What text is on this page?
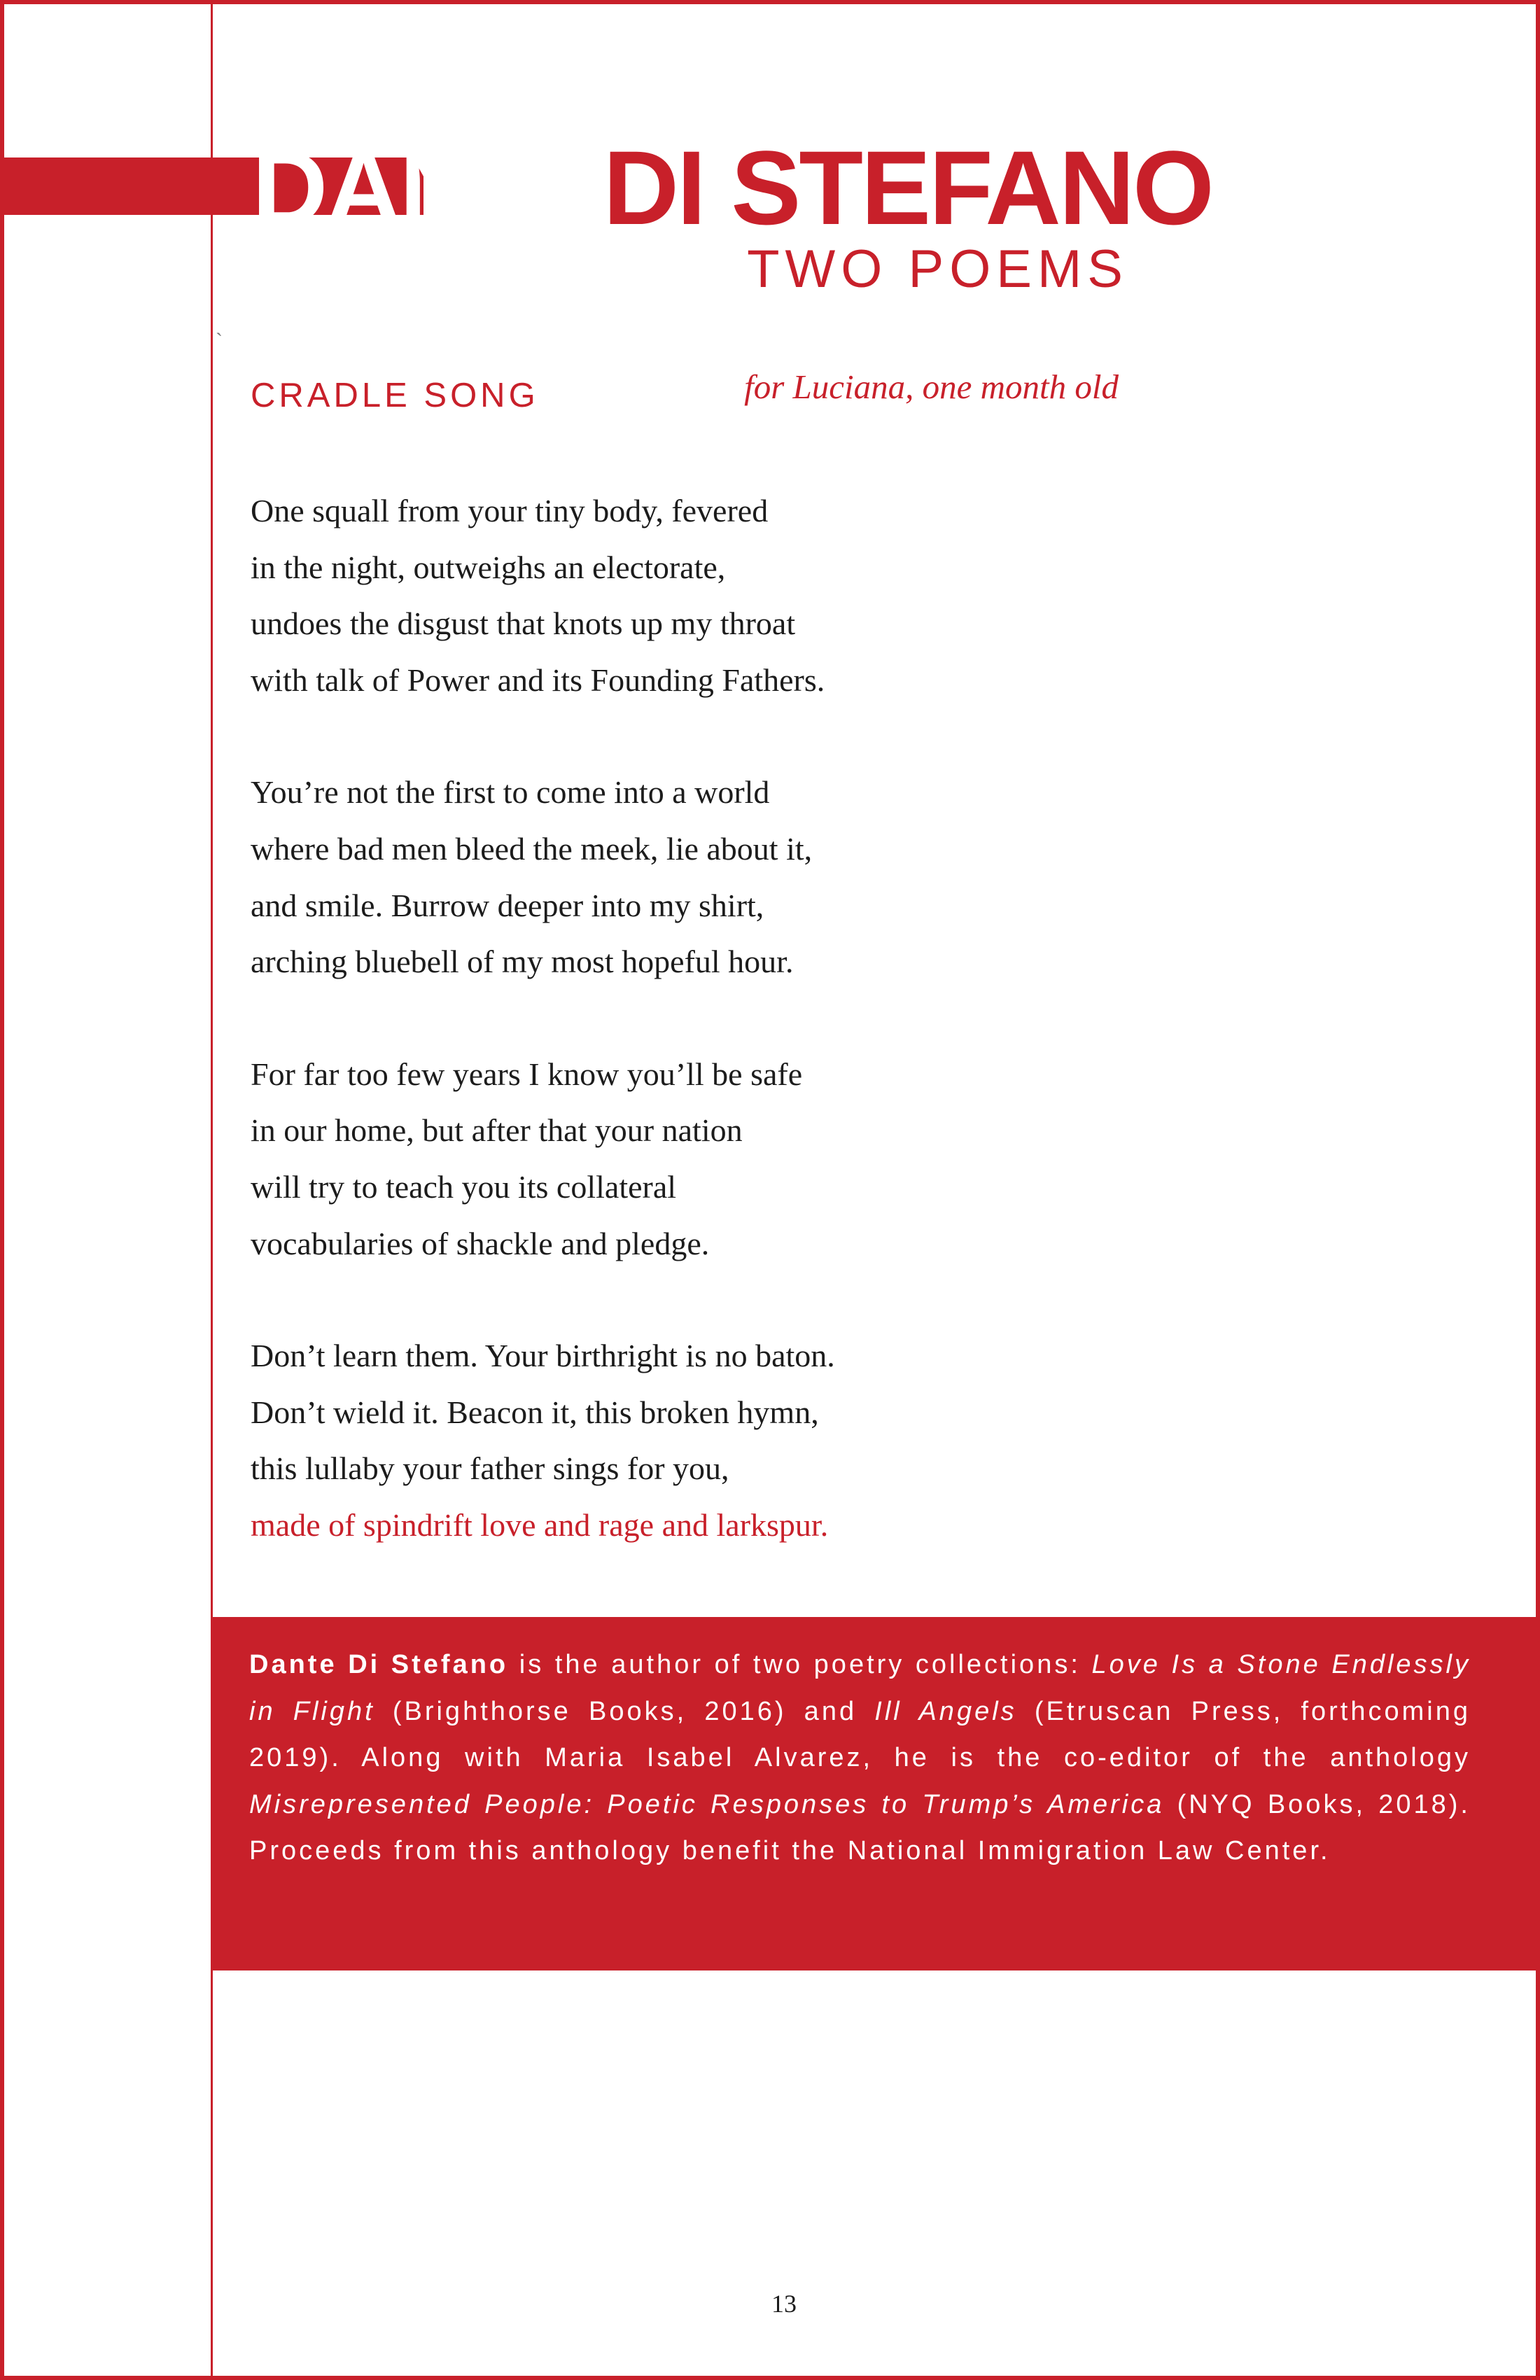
DANTEDI STEFANO
TWO POEMS
`
CRADLE SONG	for Luciana, one month old
One squall from your tiny body, fevered
in the night, outweighs an electorate,
undoes the disgust that knots up my throat
with talk of Power and its Founding Fathers.
You’re not the first to come into a world
where bad men bleed the meek, lie about it,
and smile. Burrow deeper into my shirt,
arching bluebell of my most hopeful hour.
For far too few years I know you’ll be safe
in our home, but after that your nation
will try to teach you its collateral
vocabularies of shackle and pledge.
Don’t learn them. Your birthright is no baton.
Don’t wield it. Beacon it, this broken hymn,
this lullaby your father sings for you,
made of spindrift love and rage and larkspur.
Dante Di Stefano is the author of two poetry collections: Love Is a Stone Endlessly in Flight (Brighthorse Books, 2016) and Ill Angels (Etruscan Press, forthcoming 2019). Along with Maria Isabel Alvarez, he is the co-editor of the anthology Misrepresented People: Poetic Responses to Trump’s America (NYQ Books, 2018). Proceeds from this anthology benefit the National Immigration Law Center.
13
